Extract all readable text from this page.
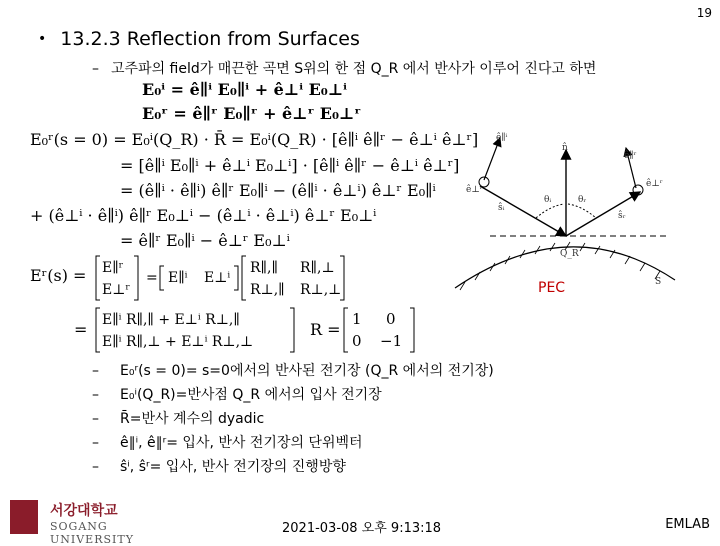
19
• 13.2.3 Reflection from Surfaces
– 고주파의 field가 매끈한 곡면 S위의 한 점 Q_R 에서 반사가 이루어 진다고 하면
E₀ⁱ = ê∥ⁱ E₀∥ⁱ + ê⊥ⁱ E₀⊥ⁱ
E₀ʳ = ê∥ʳ E₀∥ʳ + ê⊥ʳ E₀⊥ʳ
E₀ʳ(s = 0) = E₀ⁱ(Q_R) · R̄ = E₀ⁱ(Q_R) · [ê∥ⁱ ê∥ʳ − ê⊥ⁱ ê⊥ʳ]
= [ê∥ⁱ E₀∥ⁱ + ê⊥ⁱ E₀⊥ⁱ] · [ê∥ⁱ ê∥ʳ − ê⊥ⁱ ê⊥ʳ]
= (ê∥ⁱ · ê∥ⁱ) ê∥ʳ E₀∥ⁱ − (ê∥ⁱ · ê⊥ⁱ) ê⊥ʳ E₀∥ⁱ
+ (ê⊥ⁱ · ê∥ⁱ) ê∥ʳ E₀⊥ⁱ − (ê⊥ⁱ · ê⊥ⁱ) ê⊥ʳ E₀⊥ⁱ
= ê∥ʳ E₀∥ⁱ − ê⊥ʳ E₀⊥ⁱ
Eʳ(s) = E∥ʳ
E⊥ʳ
= E∥ⁱ E⊥ⁱ
R∥,∥ R∥,⊥
R⊥,∥ R⊥,⊥
= E∥ⁱ R∥,∥ + E⊥ⁱ R⊥,∥
E∥ⁱ R∥,⊥ + E⊥ⁱ R⊥,⊥
R =
1 0
0 −1
– E₀ʳ(s = 0)= s=0에서의 반사된 전기장 (Q_R 에서의 전기장)
– E₀ⁱ(Q_R)=반사점 Q_R 에서의 입사 전기장
– R̄=반사 계수의 dyadic
– ê∥ⁱ, ê∥ʳ= 입사, 반사 전기장의 단위벡터
– ŝⁱ, ŝʳ= 입사, 반사 전기장의 진행방향
ê∥ⁱ
ê∥ʳ
ê⊥ⁱ
ê⊥ʳ
ŝᵢ
ŝᵣ
θᵢ	θᵣ
n̂
Q_R
S
PEC
서강대학교
SOGANG UNIVERSITY
2021-03-08 오후 9:13:18	EMLAB
